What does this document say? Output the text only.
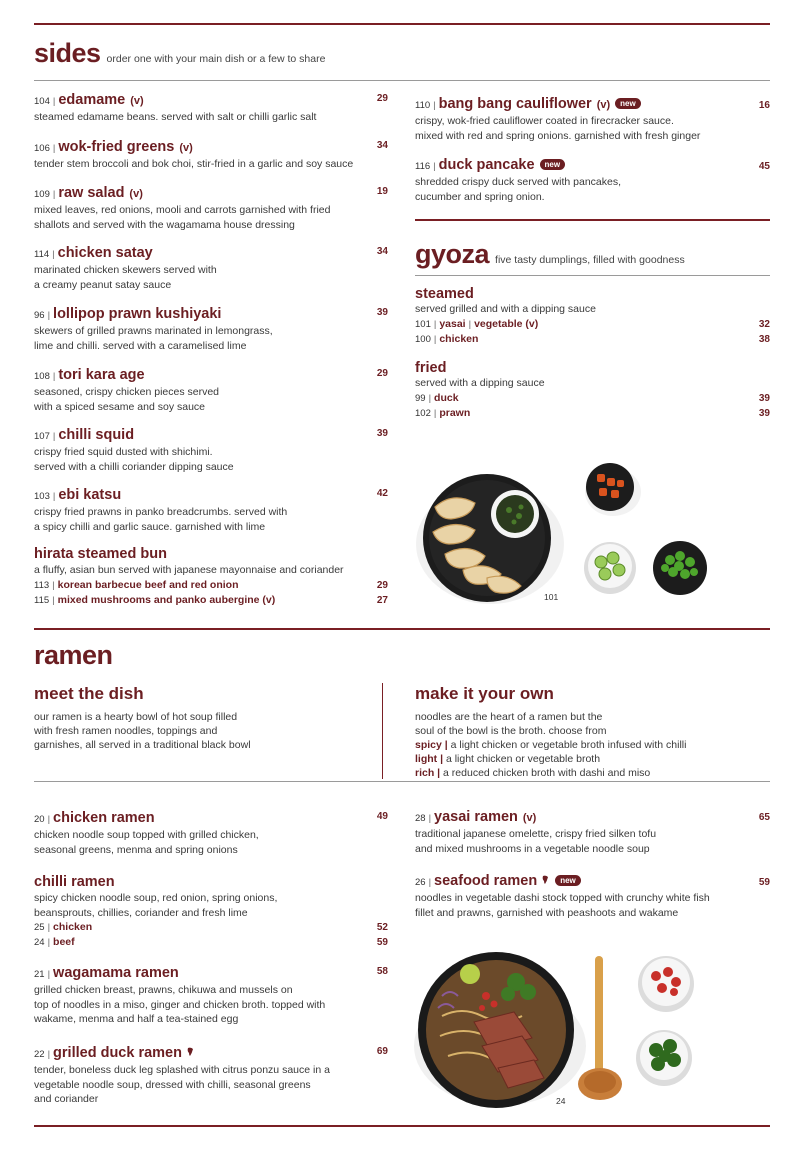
sides order one with your main dish or a few to share
104 | edamame (v)	29
steamed edamame beans. served with salt or chilli garlic salt
106 | wok-fried greens (v)	34
tender stem broccoli and bok choi, stir-fried in a garlic and soy sauce
109 | raw salad (v)	19
mixed leaves, red onions, mooli and carrots garnished with fried
shallots and served with the wagamama house dressing
114 | chicken satay	34
marinated chicken skewers served with
a creamy peanut satay sauce
96 | lollipop prawn kushiyaki	39
skewers of grilled prawns marinated in lemongrass,
lime and chilli. served with a caramelised lime
108 | tori kara age	29
seasoned, crispy chicken pieces served
with a spiced sesame and soy sauce
107 | chilli squid	39
crispy fried squid dusted with shichimi.
served with a chilli coriander dipping sauce
103 | ebi katsu	42
crispy fried prawns in panko breadcrumbs. served with
a spicy chilli and garlic sauce. garnished with lime
hirata steamed bun
a fluffy, asian bun served with japanese mayonnaise and coriander
113 | korean barbecue beef and red onion	29
115 | mixed mushrooms and panko aubergine (v)	27
110 | bang bang cauliflower (v)	new	16
crispy, wok-fried cauliflower coated in firecracker sauce.
mixed with red and spring onions. garnished with fresh ginger
116 | duck pancake	new	45
shredded crispy duck served with pancakes,
cucumber and spring onion.
gyoza five tasty dumplings, filled with goodness
steamed
served grilled and with a dipping sauce
101 | yasai | vegetable (v)	32
100 | chicken	38
fried
served with a dipping sauce
99 | duck	39
102 | prawn	39
101
ramen
meet the dish
our ramen is a hearty bowl of hot soup filled
with fresh ramen noodles, toppings and
garnishes, all served in a traditional black bowl
make it your own
noodles are the heart of a ramen but the
soul of the bowl is the broth. choose from
spicy | a light chicken or vegetable broth infused with chilli
light | a light chicken or vegetable broth
rich | a reduced chicken broth with dashi and miso
20 | chicken ramen	49
chicken noodle soup topped with grilled chicken,
seasonal greens, menma and spring onions
chilli ramen
spicy chicken noodle soup, red onion, spring onions,
beansprouts, chillies, coriander and fresh lime
25 | chicken	52
24 | beef	59
21 | wagamama ramen	58
grilled chicken breast, prawns, chikuwa and mussels on
top of noodles in a miso, ginger and chicken broth. topped with
wakame, menma and half a tea-stained egg
22 | grilled duck ramen	69
tender, boneless duck leg splashed with citrus ponzu sauce in a
vegetable noodle soup, dressed with chilli, seasonal greens
and coriander
28 | yasai ramen (v)	65
traditional japanese omelette, crispy fried silken tofu
and mixed mushrooms in a vegetable noodle soup
26 | seafood ramen	new	59
noodles in vegetable dashi stock topped with crunchy white fish
fillet and prawns, garnished with peashoots and wakame
24
